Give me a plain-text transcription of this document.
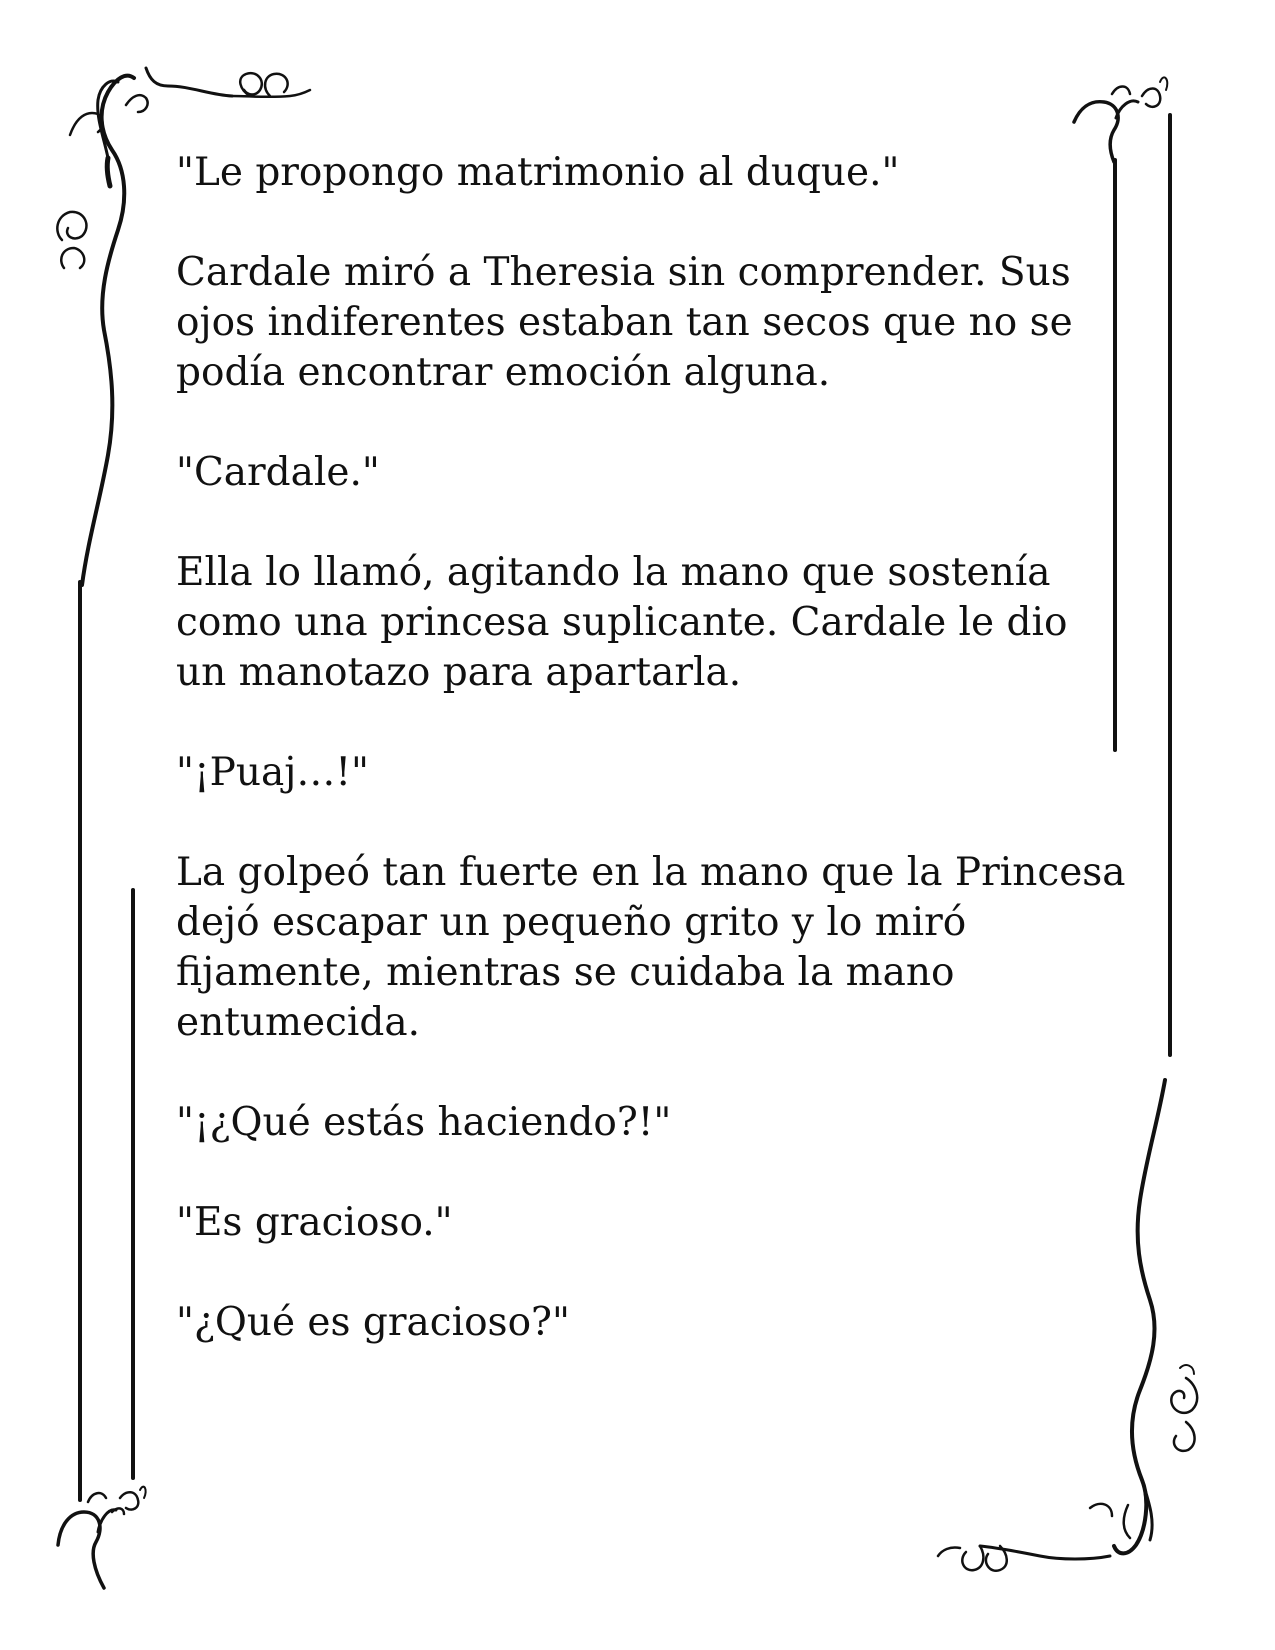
"Le propongo matrimonio al duque."

Cardale miró a Theresia sin comprender. Sus ojos indiferentes estaban tan secos que no se podía encontrar emoción alguna.

"Cardale."

Ella lo llamó, agitando la mano que sostenía como una princesa suplicante. Cardale le dio un manotazo para apartarla.

"¡Puaj…!"

La golpeó tan fuerte en la mano que la Princesa dejó escapar un pequeño grito y lo miró fijamente, mientras se cuidaba la mano entumecida.

"¡¿Qué estás haciendo?!"

"Es gracioso."

"¿Qué es gracioso?"
